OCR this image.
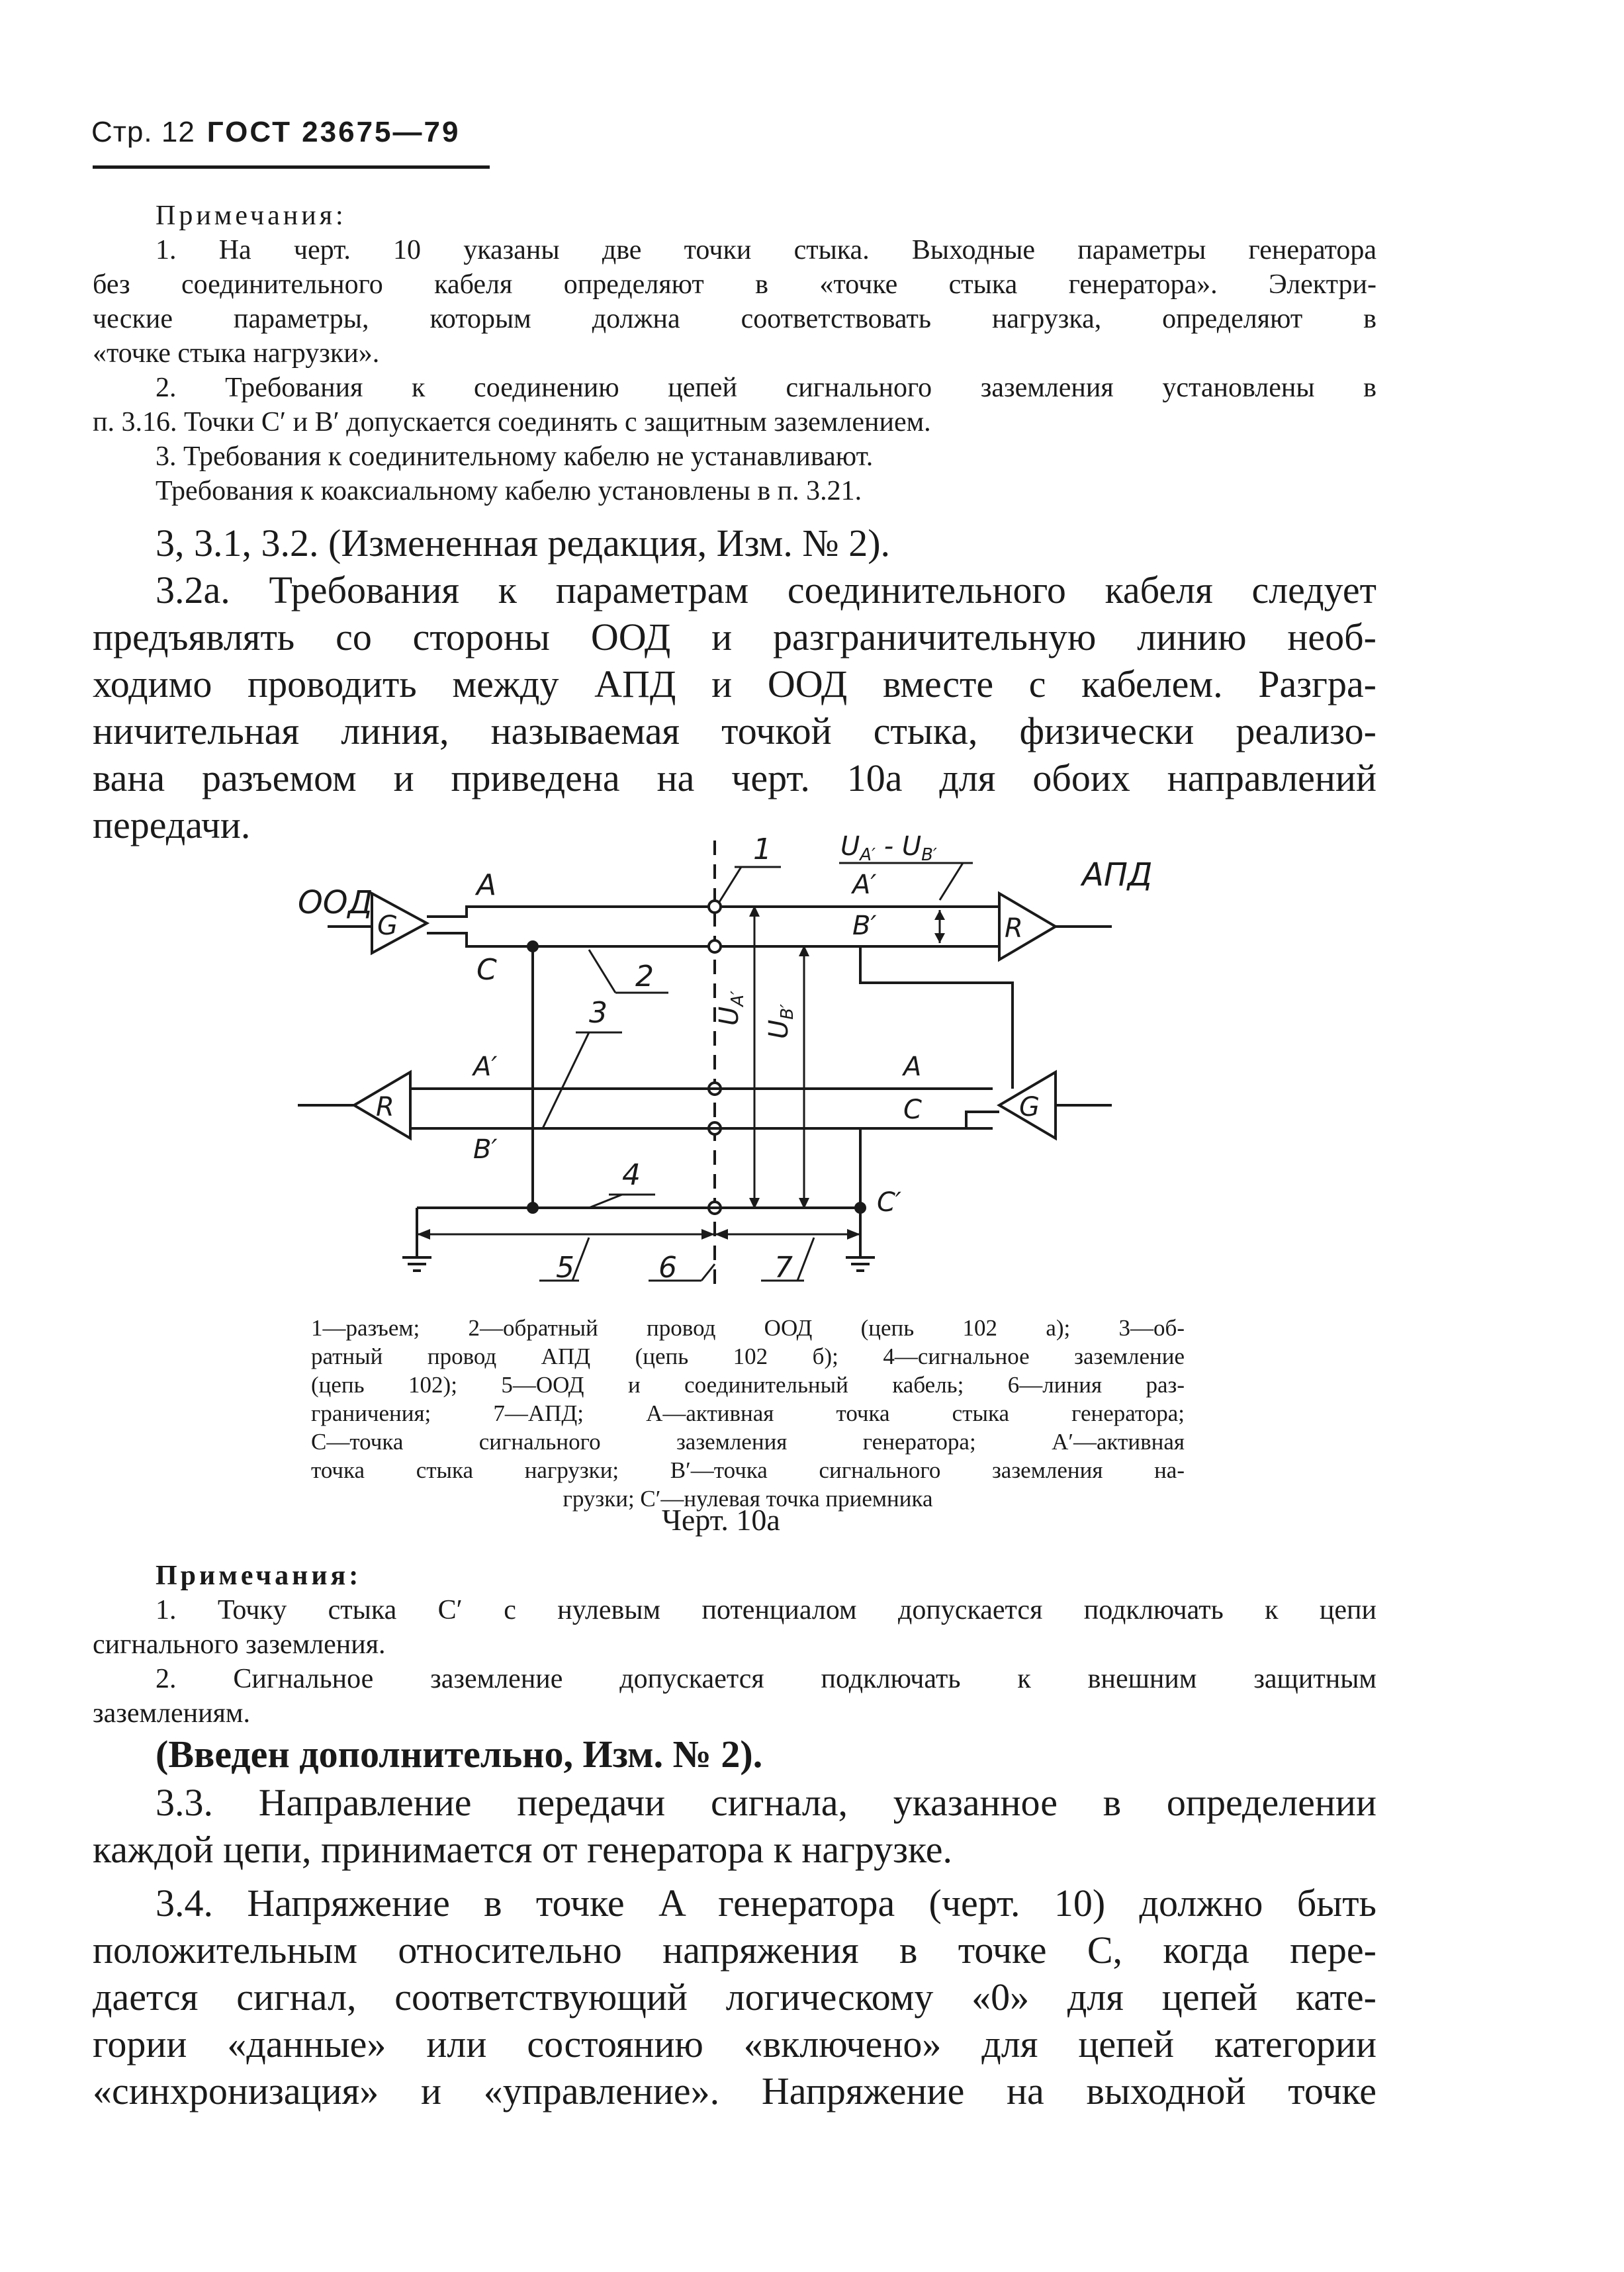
Стр. 12 ГОСТ 23675—79
Примечания:
1. На черт. 10 указаны две точки стыка. Выходные параметры генератора
без соединительного кабеля определяют в «точке стыка генератора». Электри-
ческие параметры, которым должна соответствовать нагрузка, определяют в
«точке стыка нагрузки».
2. Требования к соединению цепей сигнального заземления установлены в
п. 3.16. Точки C′ и B′ допускается соединять с защитным заземлением.
3. Требования к соединительному кабелю не устанавливают.
Требования к коаксиальному кабелю установлены в п. 3.21.
3, 3.1, 3.2. (Измененная редакция, Изм. № 2).
3.2а. Требования к параметрам соединительного кабеля следует
предъявлять со стороны ООД и разграничительную линию необ-
ходимо проводить между АПД и ООД вместе с кабелем. Разгра-
ничительная линия, называемая точкой стыка, физически реализо-
вана разъемом и приведена на черт. 10а для обоих направлений
передачи.
G
ООД	A
C
R
АПД
A′
B′
$U_{A'} - U_{B'}$
1
2
$U_{A'}$
$U_{B'}$
3
R
A′
B′
G
A
C
C′
4
5	6	7
1—разъем; 2—обратный провод ООД (цепь 102 а); 3—об-
ратный провод АПД (цепь 102 б); 4—сигнальное заземление
(цепь 102); 5—ООД и соединительный кабель; 6—линия раз-
граничения; 7—АПД; A—активная точка стыка генератора;
C—точка сигнального заземления генератора; A′—активная
точка стыка нагрузки; B′—точка сигнального заземления на-
грузки; C′—нулевая точка приемника
Черт. 10а
Примечания:
1. Точку стыка C′ с нулевым потенциалом допускается подключать к цепи
сигнального заземления.
2. Сигнальное заземление допускается подключать к внешним защитным
заземлениям.
(Введен дополнительно, Изм. № 2).
3.3. Направление передачи сигнала, указанное в определении
каждой цепи, принимается от генератора к нагрузке.
3.4. Напряжение в точке A генератора (черт. 10) должно быть
положительным относительно напряжения в точке C, когда пере-
дается сигнал, соответствующий логическому «0» для цепей кате-
гории «данные» или состоянию «включено» для цепей категории
«синхронизация» и «управление». Напряжение на выходной точке
